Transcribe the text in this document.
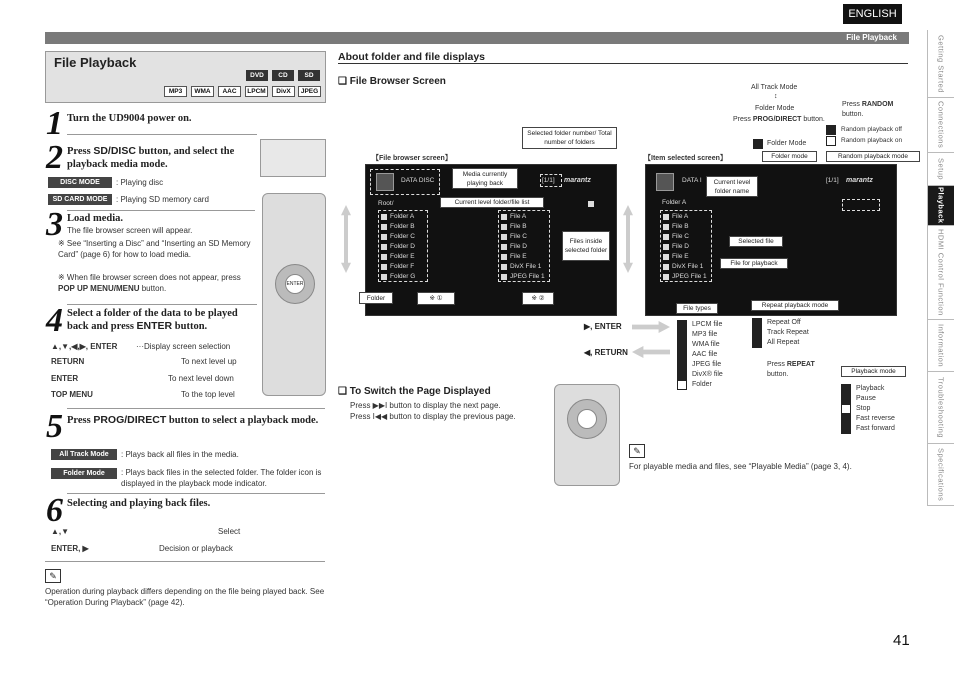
ENGLISH
File Playback	Getting Started
Connections
Setup
Playback
HDMI Control Function
Information
Troubleshooting
Specifications
41
File Playback
DVD	CD	SD
MP3	WMA	AAC	LPCM	DivX	JPEG
1 Turn the UD9004 power on.
2 Press SD/DISC button, and select the playback media mode.
DISC MODE	: Playing disc
SD CARD MODE	: Playing SD memory card
3 Load media.
The file browser screen will appear.
※ See “Inserting a Disc” and “Inserting an SD Memory Card” (page 6) for how to load media.
※ When file browser screen does not appear, press
POP UP MENU/MENU button.	ENTER
4 Select a folder of the data to be played back and press ENTER button.
▲,▼,◀,▶, ENTER ···Display screen selection
RETURN	To next level up
ENTER	To next level down
TOP MENU	To the top level
5 Press PROG/DIRECT button to select a playback mode.
All Track Mode	: Plays back all files in the media.
Folder Mode	: Plays back files in the selected folder. The folder icon is displayed in the playback mode indicator.
6 Selecting and playing back files.
▲,▼	Select
ENTER, ▶	Decision or playback
✎
Operation during playback differs depending on the file being played back. See “Operation During Playback” (page 42).
About folder and file displays
❑ File Browser Screen
【File browser screen】
DATA DISC	[1/1] marantz
Root/
Folder A
Folder B
Folder C
Folder D
Folder E
Folder F
Folder G
File A
File B
File C
File D
File E
DivX File 1
JPEG File 1
Selected folder number/ Total number of folders
Media currently playing back
Current level folder/file list
Files inside selected folder
Folder	※ ①	※ ②
【Item selected screen】
DATA I	[1/1] marantz
Folder A
File A
File B
File C
File D
File E
DivX File 1
JPEG File 1
Current level folder name
Selected file
File for playback
File types	Repeat playback mode
Playback mode
Folder mode	Random playback mode
All Track Mode
↕
Folder Mode
Press PROG/DIRECT button.
Folder Mode
Press RANDOM button.
Random playback off
Random playback on
▶, ENTER
◀, RETURN
LPCM file
MP3 file
WMA file
AAC file
JPEG file
DivX® file
Folder
Repeat Off
Track Repeat
All Repeat
Press REPEAT button.
Playback
Pause
Stop
Fast reverse
Fast forward
❑ To Switch the Page Displayed
Press ▶▶I button to display the next page.
Press I◀◀ button to display the previous page.
✎
For playable media and files, see “Playable Media” (page 3, 4).
